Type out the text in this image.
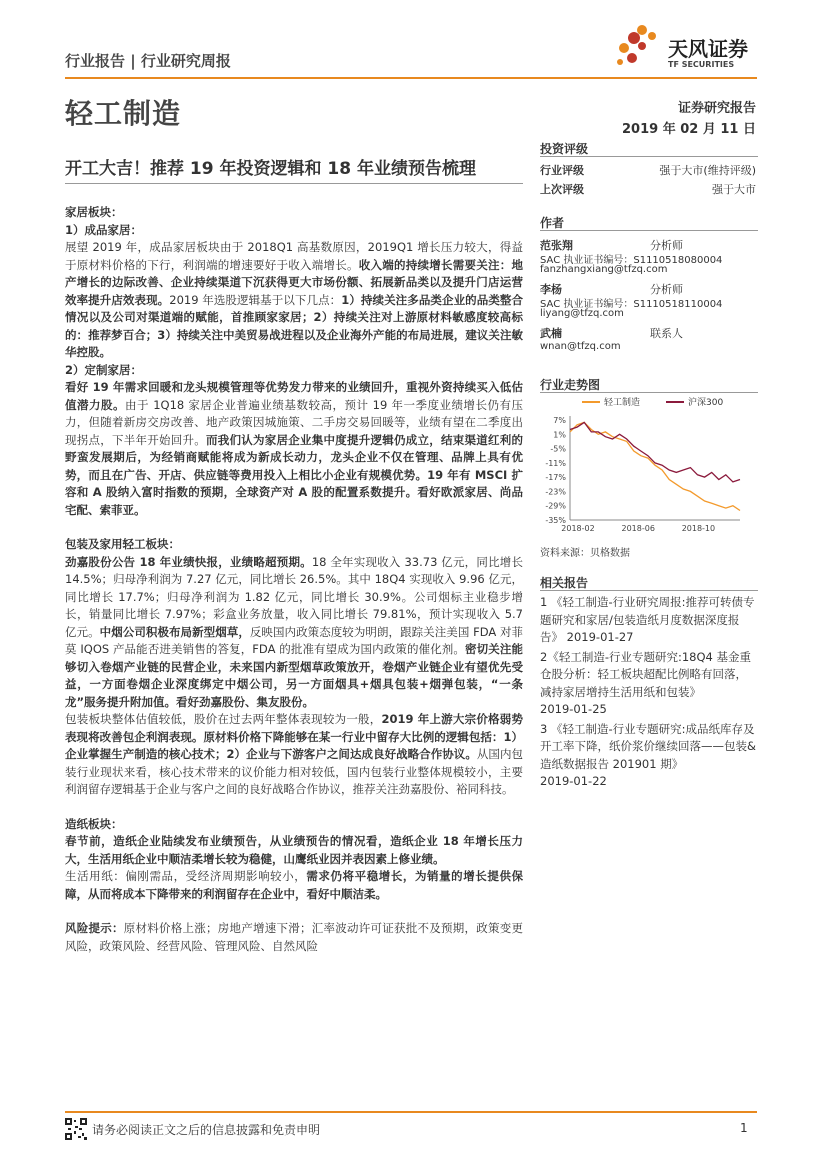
天风证券
TF SECURITIES
行业报告 | 行业研究周报
轻工制造	证券研究报告
2019 年 02 月 11 日
开工大吉！推荐 19 年投资逻辑和 18 年业绩预告梳理
投资评级
行业评级	强于大市(维持评级)
上次评级	强于大市
作者
范张翔	分析师
SAC 执业证书编号：S1110518080004
fanzhangxiang@tfzq.com
李杨	分析师
SAC 执业证书编号：S1110518110004
liyang@tfzq.com
武楠	联系人
wnan@tfzq.com
行业走势图
7%
1%
-5%
-11%
-17%
-23%
-29%
-35%
2018-02	2018-06	2018-10
轻工制造	沪深300
资料来源：贝格数据
相关报告

1 《轻工制造-行业研究周报:推荐可转债专题研究和家居/包装造纸月度数据深度报告》 2019-01-27

2《轻工制造-行业专题研究:18Q4 基金重仓股分析：轻工板块超配比例略有回落，减持家居增持生活用纸和包装》
2019-01-25

3 《轻工制造-行业专题研究:成品纸库存及开工率下降，纸价浆价继续回落——包装&造纸数据报告 201901 期》
2019-01-22

家居板块：

1）成品家居：

展望 2019 年，成品家居板块由于 2018Q1 高基数原因，2019Q1 增长压力较大，得益于原材料价格的下行，利润端的增速要好于收入端增长。收入端的持续增长需要关注：地产增长的边际改善、企业持续渠道下沉获得更大市场份额、拓展新品类以及提升门店运营效率提升店效表现。2019 年选股逻辑基于以下几点：1）持续关注多品类企业的品类整合情况以及公司对渠道端的赋能，首推顾家家居；2）持续关注对上游原材料敏感度较高标的：推荐梦百合；3）持续关注中美贸易战进程以及企业海外产能的布局进展，建议关注敏华控股。

2）定制家居：

看好 19 年需求回暖和龙头规模管理等优势发力带来的业绩回升，重视外资持续买入低估值潜力股。由于 1Q18 家居企业普遍业绩基数较高，预计 19 年一季度业绩增长仍有压力，但随着新房交房改善、地产政策因城施策、二手房交易回暖等，业绩有望在二季度出现拐点，下半年开始回升。而我们认为家居企业集中度提升逻辑仍成立，结束渠道红利的野蛮发展期后，为经销商赋能将成为新成长动力，龙头企业不仅在管理、品牌上具有优势，而且在广告、开店、供应链等费用投入上相比小企业有规模优势。19 年有 MSCI 扩容和 A 股纳入富时指数的预期，全球资产对 A 股的配置系数提升。看好欧派家居、尚品宅配、索菲亚。

包装及家用轻工板块：

劲嘉股份公告 18 年业绩快报，业绩略超预期。18 全年实现收入 33.73 亿元，同比增长 14.5%；归母净利润为 7.27 亿元，同比增长 26.5%。其中 18Q4 实现收入 9.96 亿元，同比增长 17.7%；归母净利润为 1.82 亿元，同比增长 30.9%。公司烟标主业稳步增长，销量同比增长 7.97%；彩盒业务放量，收入同比增长 79.81%，预计实现收入 5.7 亿元。中烟公司积极布局新型烟草，反映国内政策态度较为明朗，跟踪关注美国 FDA 对菲莫 IQOS 产品能否进美销售的答复，FDA 的批准有望成为国内政策的催化剂。密切关注能够切入卷烟产业链的民营企业，未来国内新型烟草政策放开，卷烟产业链企业有望优先受益，一方面卷烟企业深度绑定中烟公司，另一方面烟具+烟具包装+烟弹包装，“一条龙”服务提升附加值。看好劲嘉股份、集友股份。

包装板块整体估值较低，股价在过去两年整体表现较为一般，2019 年上游大宗价格弱势表现将改善包企利润表现。原材料价格下降能够在某一行业中留存大比例的逻辑包括：1）企业掌握生产制造的核心技术；2）企业与下游客户之间达成良好战略合作协议。从国内包装行业现状来看，核心技术带来的议价能力相对较低，国内包装行业整体规模较小，主要利润留存逻辑基于企业与客户之间的良好战略合作协议，推荐关注劲嘉股份、裕同科技。

造纸板块：

春节前，造纸企业陆续发布业绩预告，从业绩预告的情况看，造纸企业 18 年增长压力大，生活用纸企业中顺洁柔增长较为稳健，山鹰纸业因并表因素上修业绩。

生活用纸：偏刚需品，受经济周期影响较小，需求仍将平稳增长，为销量的增长提供保障，从而将成本下降带来的利润留存在企业中，看好中顺洁柔。

风险提示：原材料价格上涨；房地产增速下滑；汇率波动许可证获批不及预期，政策变更风险，政策风险、经营风险、管理风险、自然风险

请务必阅读正文之后的信息披露和免责申明	1
